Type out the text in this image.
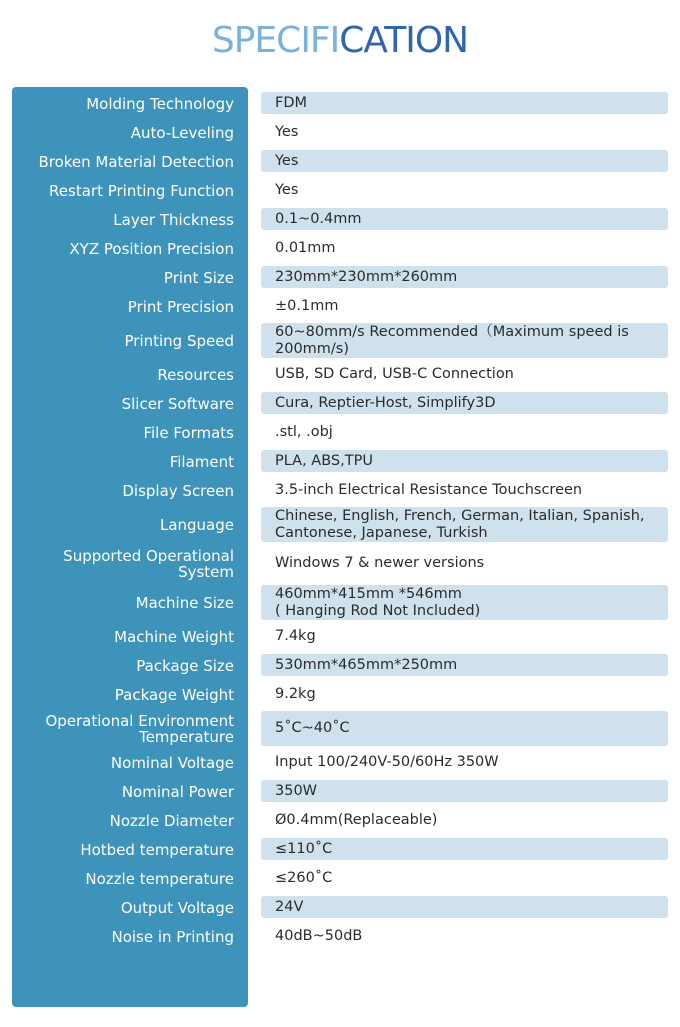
SPECIFICATION
Molding Technology	FDM
Auto-Leveling	Yes
Broken Material Detection	Yes
Restart Printing Function	Yes
Layer Thickness	0.1~0.4mm
XYZ Position Precision	0.01mm
Print Size	230mm*230mm*260mm
Print Precision	±0.1mm
Printing Speed	60~80mm/s Recommended（Maximum speed is
200mm/s)
Resources	USB, SD Card, USB-C Connection
Slicer Software	Cura, Reptier-Host, Simplify3D
File Formats	.stl, .obj
Filament	PLA, ABS,TPU
Display Screen	3.5-inch Electrical Resistance Touchscreen
Language	Chinese, English, French, German, Italian, Spanish,
Cantonese, Japanese, Turkish
Supported Operational
System	Windows 7 & newer versions
Machine Size	460mm*415mm *546mm
( Hanging Rod Not Included)
Machine Weight	7.4kg
Package Size	530mm*465mm*250mm
Package Weight	9.2kg
Operational Environment
Temperature	5˚C~40˚C
Nominal Voltage	Input 100/240V-50/60Hz 350W
Nominal Power	350W
Nozzle Diameter	Ø0.4mm(Replaceable)
Hotbed temperature	≤110˚C
Nozzle temperature	≤260˚C
Output Voltage	24V
Noise in Printing	40dB~50dB
